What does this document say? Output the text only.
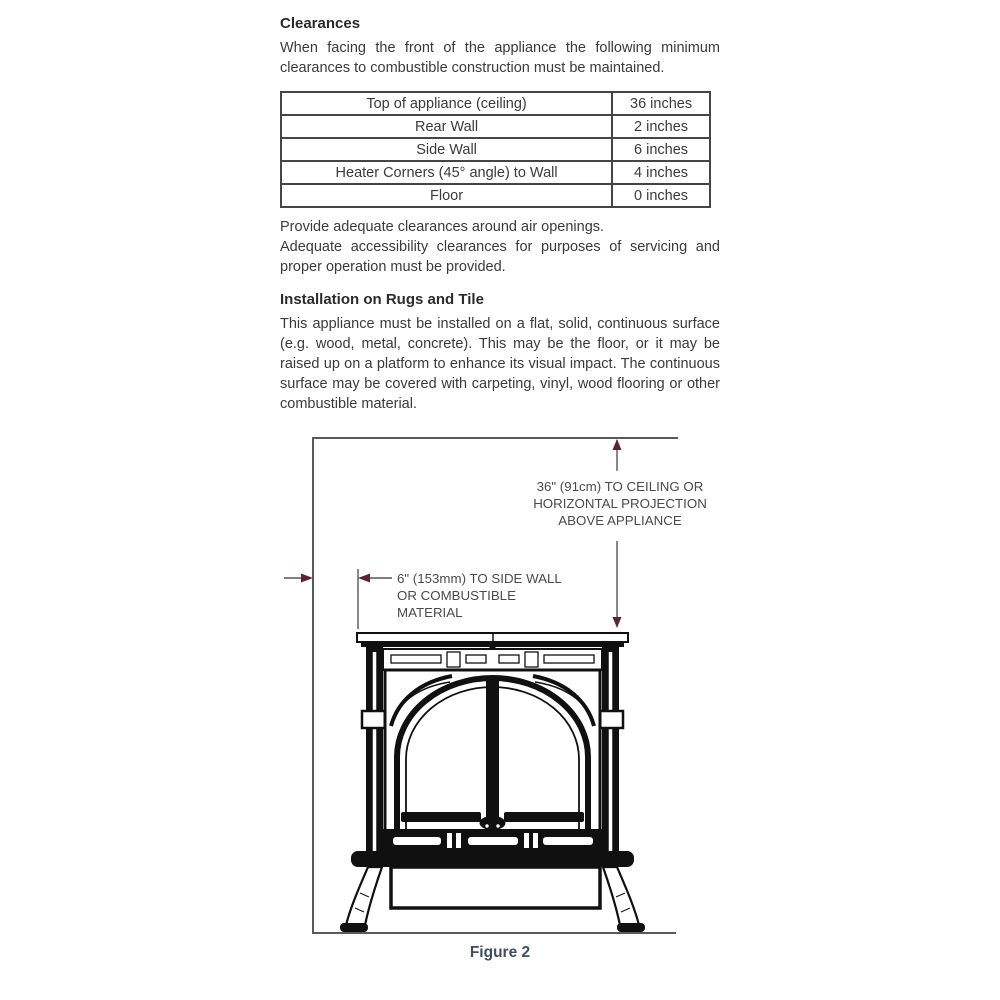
Clearances

When facing the front of the appliance the following minimum clearances to combustible construction must be maintained.

Top of appliance (ceiling)	36 inches
Rear Wall	2 inches
Side Wall	6 inches
Heater Corners (45° angle) to Wall	4 inches
Floor	0 inches

Provide adequate clearances around air openings.

Adequate accessibility clearances for purposes of servicing and proper operation must be provided.

Installation on Rugs and Tile

This appliance must be installed on a flat, solid, continuous surface (e.g. wood, metal, concrete). This may be the floor, or it may be raised up on a platform to enhance its visual impact. The continuous surface may be covered with carpeting, vinyl, wood flooring or other combustible material.

36" (91cm) TO CEILING OR
HORIZONTAL PROJECTION
ABOVE APPLIANCE
6" (153mm) TO SIDE WALL
OR COMBUSTIBLE
MATERIAL
Figure 2
